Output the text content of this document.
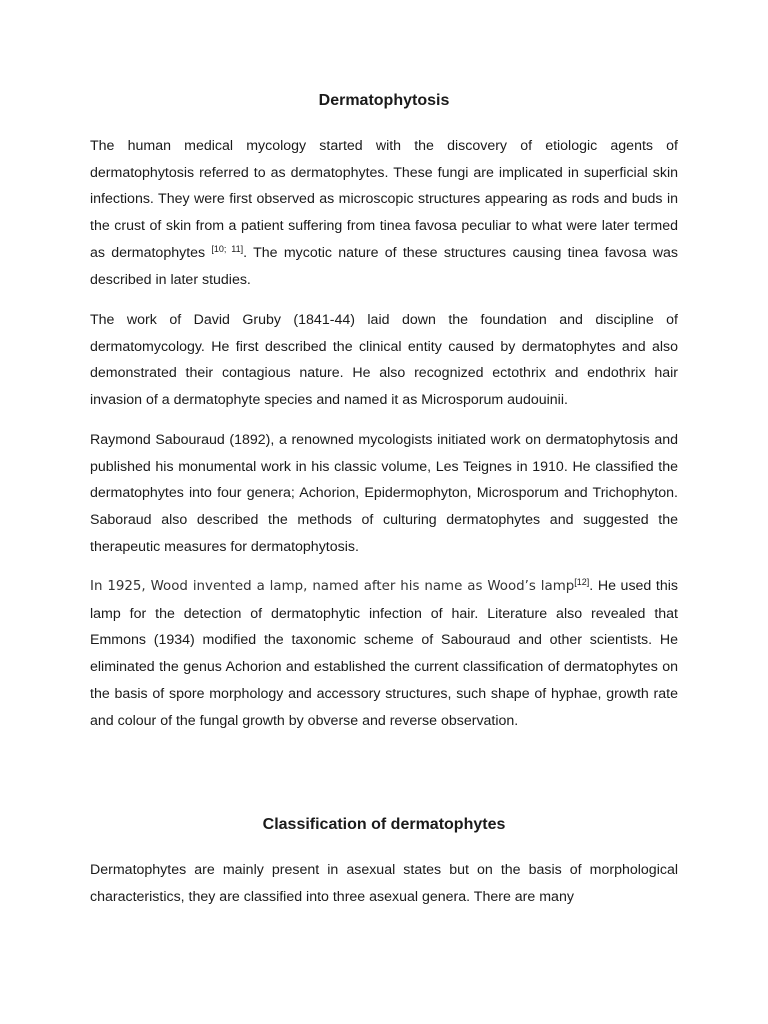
Dermatophytosis

The human medical mycology started with the discovery of etiologic agents of dermatophytosis referred to as dermatophytes. These fungi are implicated in superficial skin infections. They were first observed as microscopic structures appearing as rods and buds in the crust of skin from a patient suffering from tinea favosa peculiar to what were later termed as dermatophytes [10; 11]. The mycotic nature of these structures causing tinea favosa was described in later studies.

The work of David Gruby (1841-44) laid down the foundation and discipline of dermatomycology. He first described the clinical entity caused by dermatophytes and also demonstrated their contagious nature. He also recognized ectothrix and endothrix hair invasion of a dermatophyte species and named it as Microsporum audouinii.

Raymond Sabouraud (1892), a renowned mycologists initiated work on dermatophytosis and published his monumental work in his classic volume, Les Teignes in 1910. He classified the dermatophytes into four genera; Achorion, Epidermophyton, Microsporum and Trichophyton. Saboraud also described the methods of culturing dermatophytes and suggested the therapeutic measures for dermatophytosis.

In 1925, Wood invented a lamp, named after his name as Wood’s lamp[12]. He used this lamp for the detection of dermatophytic infection of hair. Literature also revealed that Emmons (1934) modified the taxonomic scheme of Sabouraud and other scientists. He eliminated the genus Achorion and established the current classification of dermatophytes on the basis of spore morphology and accessory structures, such shape of hyphae, growth rate and colour of the fungal growth by obverse and reverse observation.

Classification of dermatophytes

Dermatophytes are mainly present in asexual states but on the basis of morphological characteristics, they are classified into three asexual genera. There are many
